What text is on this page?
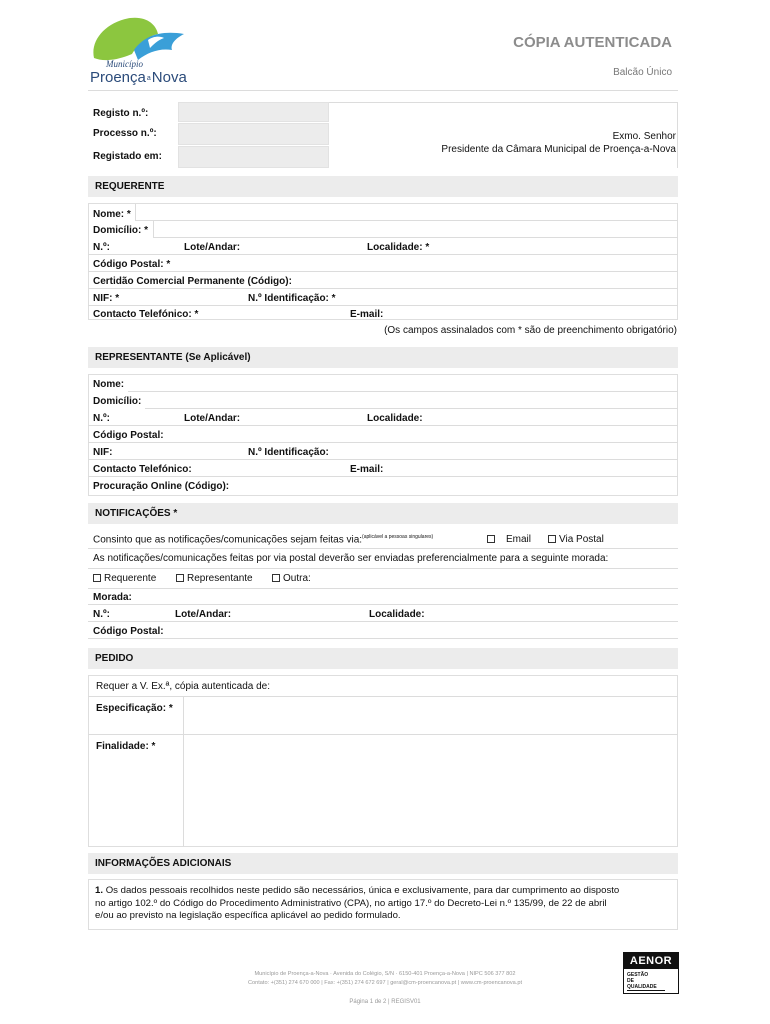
Município
ProençaaNova
CÓPIA AUTENTICADA
Balcão Único
Registo n.º:
Processo n.º:
Registado em:
Exmo. Senhor
Presidente da Câmara Municipal de Proença-a-Nova
REQUERENTE
Nome: *
Domicílio: *
N.º:	Lote/Andar:	Localidade: *
Código Postal: *
Certidão Comercial Permanente (Código):
NIF: *	N.º Identificação: *
Contacto Telefónico: *	E-mail:
(Os campos assinalados com * são de preenchimento obrigatório)
REPRESENTANTE (Se Aplicável)
Nome:
Domicílio:
N.º:	Lote/Andar:	Localidade:
Código Postal:
NIF:	N.º Identificação:
Contacto Telefónico:	E-mail:
Procuração Online (Código):
NOTIFICAÇÕES *
Consinto que as notificações/comunicações sejam feitas via:$^{(aplicável a pessoas singulares)}$	Email	Via Postal
As notificações/comunicações feitas por via postal deverão ser enviadas preferencialmente para a seguinte morada:
Requerente	Representante	Outra:
Morada:
N.º:	Lote/Andar:	Localidade:
Código Postal:
PEDIDO
Requer a V. Ex.ª, cópia autenticada de:
Especificação: *
Finalidade: *
INFORMAÇÕES ADICIONAIS
1. Os dados pessoais recolhidos neste pedido são necessários, única e exclusivamente, para dar cumprimento ao disposto
no artigo 102.º do Código do Procedimento Administrativo (CPA), no artigo 17.º do Decreto-Lei n.º 135/99, de 22 de abril
e/ou ao previsto na legislação específica aplicável ao pedido formulado.
Município de Proença-a-Nova · Avenida do Colégio, S/N · 6150-401 Proença-a-Nova | NIPC 506 377 802
Contato: +(351) 274 670 000 | Fax: +(351) 274 672 697 | geral@cm-proencanova.pt | www.cm-proencanova.pt
Página 1 de 2 | REGISV01
AENOR
GESTÃO
DE QUALIDADE
